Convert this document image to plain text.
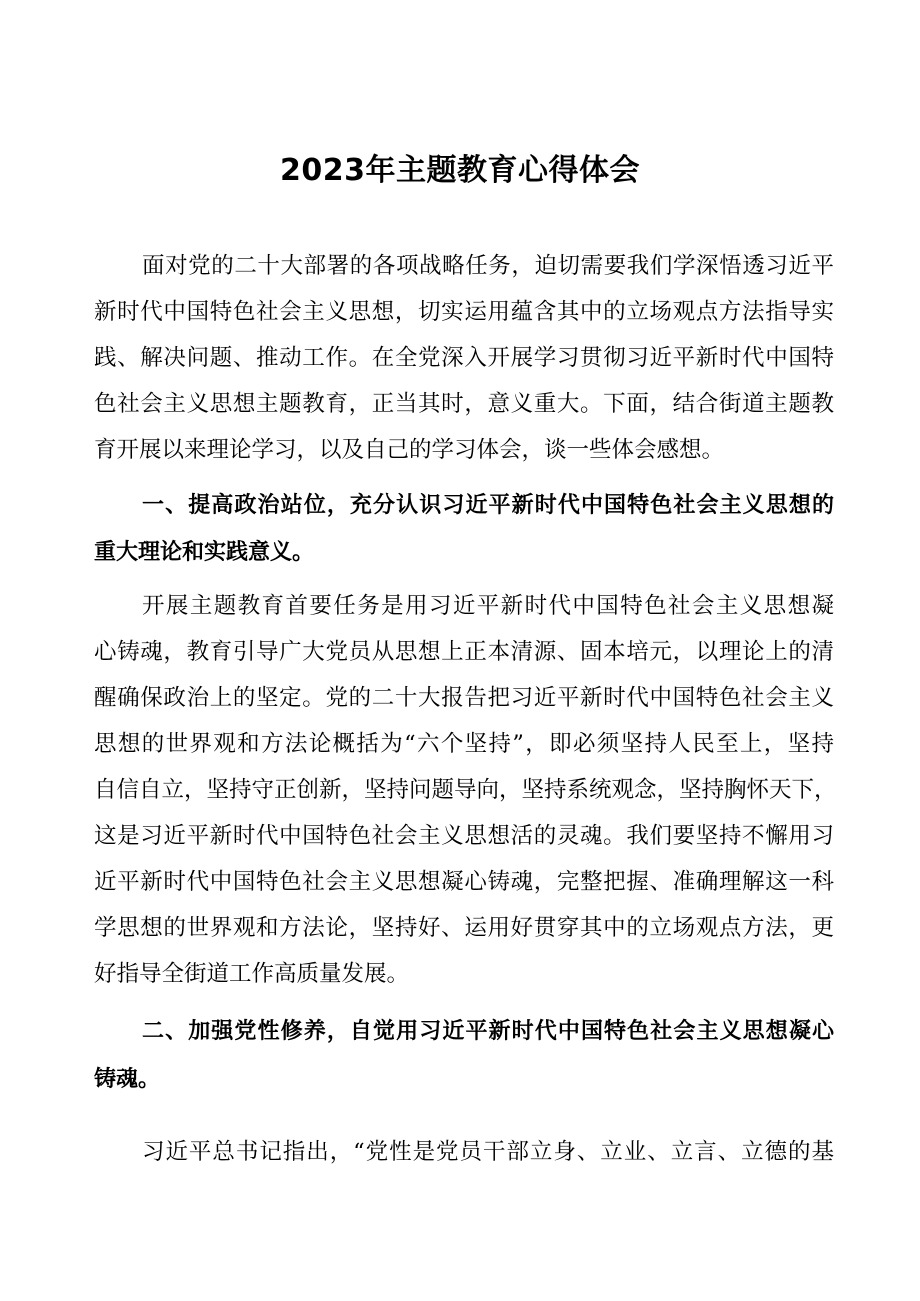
2023年主题教育心得体会
面对党的二十大部署的各项战略任务，迫切需要我们学深悟透习近平
新时代中国特色社会主义思想，切实运用蕴含其中的立场观点方法指导实
践、解决问题、推动工作。在全党深入开展学习贯彻习近平新时代中国特
色社会主义思想主题教育，正当其时，意义重大。下面，结合街道主题教
育开展以来理论学习，以及自己的学习体会，谈一些体会感想。
一、提高政治站位，充分认识习近平新时代中国特色社会主义思想的
重大理论和实践意义。
开展主题教育首要任务是用习近平新时代中国特色社会主义思想凝
心铸魂，教育引导广大党员从思想上正本清源、固本培元，以理论上的清
醒确保政治上的坚定。党的二十大报告把习近平新时代中国特色社会主义
思想的世界观和方法论概括为“六个坚持”，即必须坚持人民至上，坚持
自信自立，坚持守正创新，坚持问题导向，坚持系统观念，坚持胸怀天下，
这是习近平新时代中国特色社会主义思想活的灵魂。我们要坚持不懈用习
近平新时代中国特色社会主义思想凝心铸魂，完整把握、准确理解这一科
学思想的世界观和方法论，坚持好、运用好贯穿其中的立场观点方法，更
好指导全街道工作高质量发展。
二、加强党性修养，自觉用习近平新时代中国特色社会主义思想凝心
铸魂。
习近平总书记指出，“党性是党员干部立身、立业、立言、立德的基
